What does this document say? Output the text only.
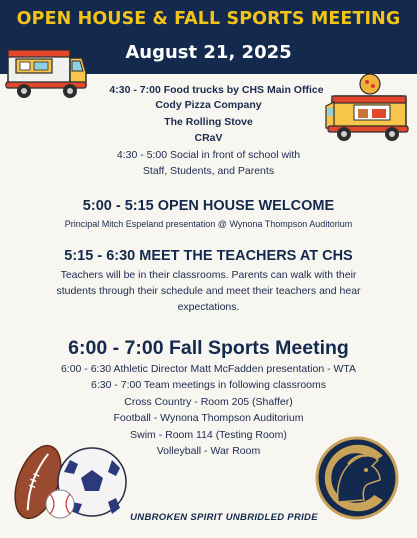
OPEN HOUSE & FALL SPORTS MEETING
August 21, 2025
4:30 - 7:00 Food trucks by CHS Main Office
Cody Pizza Company
The Rolling Stove
CRaV
4:30 - 5:00 Social in front of school with
Staff, Students, and Parents
5:00 - 5:15 OPEN HOUSE WELCOME
Principal Mitch Espeland presentation @ Wynona Thompson Auditorium
5:15 - 6:30 MEET THE TEACHERS AT CHS
Teachers will be in their classrooms. Parents can walk with their
students through their schedule and meet their teachers and hear
expectations.
6:00 - 7:00 Fall Sports Meeting
6:00 - 6:30 Athletic Director Matt McFadden presentation - WTA
6:30 - 7:00 Team meetings in following classrooms
Cross Country - Room 205 (Shaffer)
Football - Wynona Thompson Auditorium
Swim - Room 114 (Testing Room)
Volleyball - War Room
UNBROKEN SPIRIT UNBRIDLED PRIDE
